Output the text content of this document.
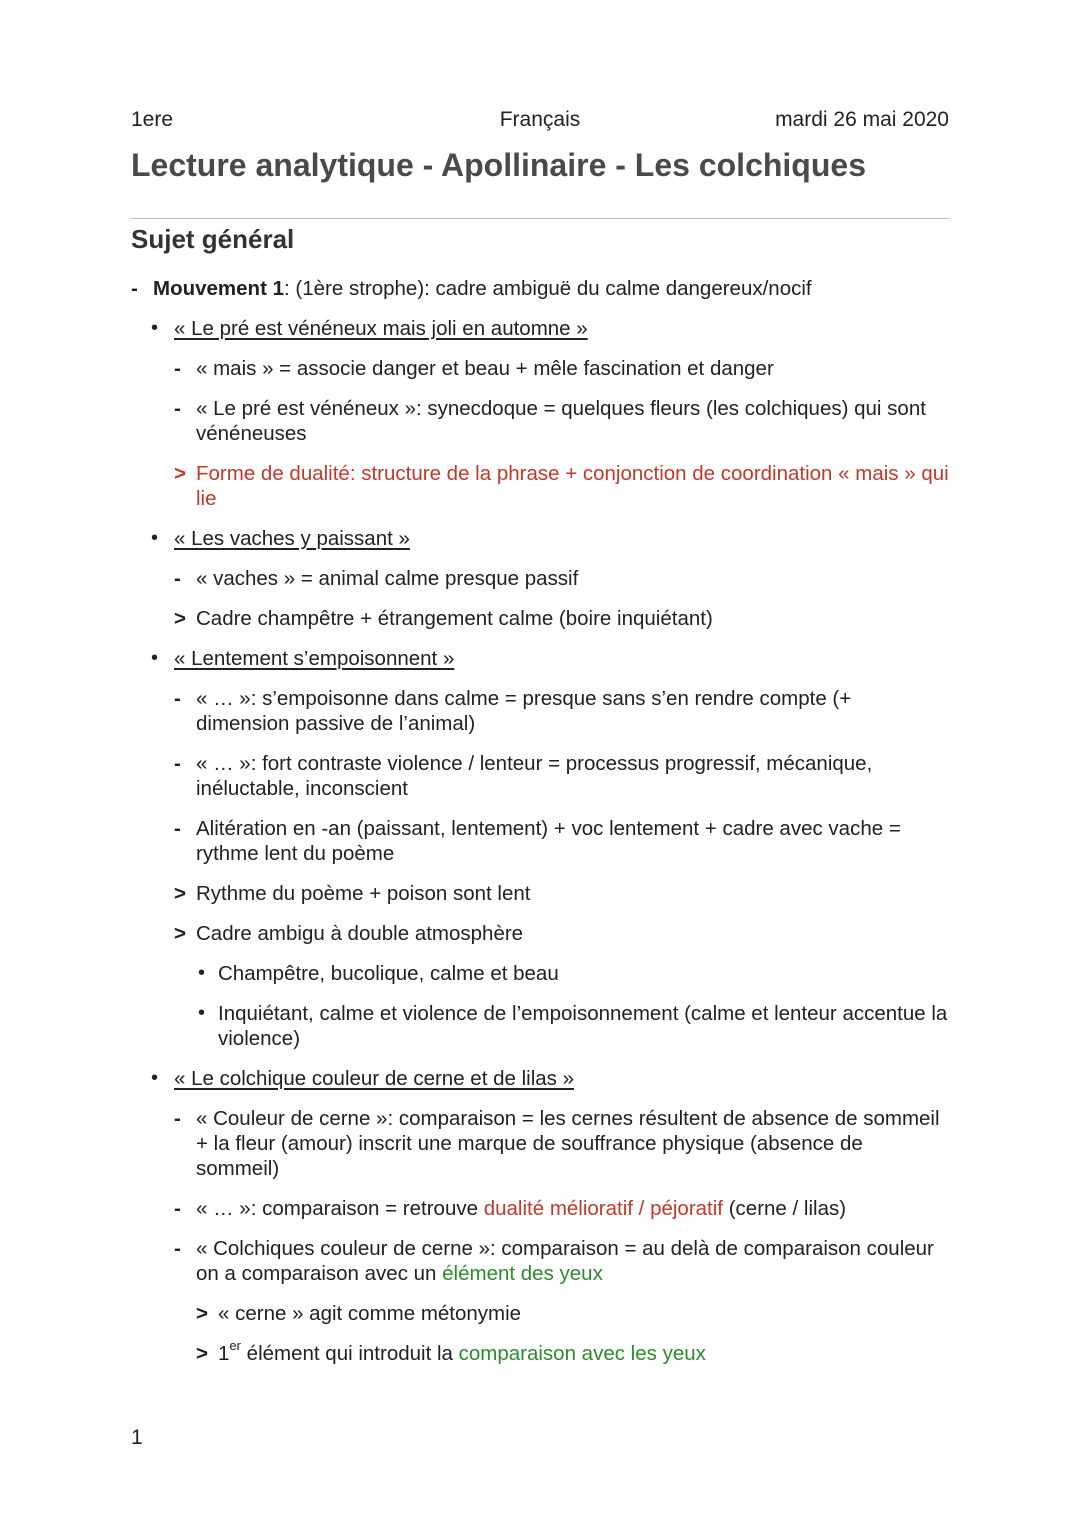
1ere	Français	mardi 26 mai 2020
Lecture analytique - Apollinaire - Les colchiques
Sujet général
- Mouvement 1: (1ère strophe): cadre ambiguë du calme dangereux/nocif
• « Le pré est vénéneux mais joli en automne »
- « mais » = associe danger et beau + mêle fascination et danger
- « Le pré est vénéneux »: synecdoque = quelques fleurs (les colchiques) qui sont vénéneuses
> Forme de dualité: structure de la phrase + conjonction de coordination « mais » qui lie
• « Les vaches y paissant »
- « vaches » = animal calme presque passif
> Cadre champêtre + étrangement calme (boire inquiétant)
• « Lentement s’empoisonnent »
- « … »: s’empoisonne dans calme = presque sans s’en rendre compte (+ dimension passive de l’animal)
- « … »: fort contraste violence / lenteur = processus progressif, mécanique, inéluctable, inconscient
- Alitération en -an (paissant, lentement) + voc lentement + cadre avec vache = rythme lent du poème
> Rythme du poème + poison sont lent
> Cadre ambigu à double atmosphère
• Champêtre, bucolique, calme et beau
• Inquiétant, calme et violence de l’empoisonnement (calme et lenteur accentue la violence)
• « Le colchique couleur de cerne et de lilas »
- « Couleur de cerne »: comparaison = les cernes résultent de absence de sommeil + la fleur (amour) inscrit une marque de souffrance physique (absence de sommeil)
- « … »: comparaison = retrouve dualité mélioratif / péjoratif (cerne / lilas)
- « Colchiques couleur de cerne »: comparaison = au delà de comparaison couleur on a comparaison avec un élément des yeux
> « cerne » agit comme métonymie
> 1er élément qui introduit la comparaison avec les yeux
1
